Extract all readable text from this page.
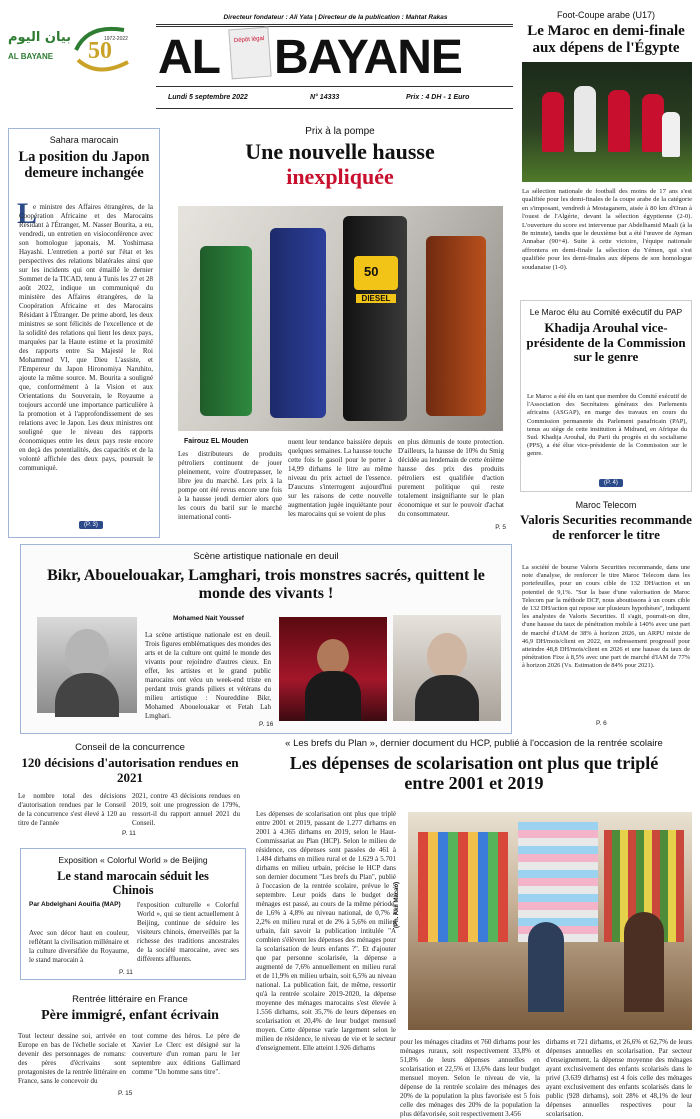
بيان اليوم
AL BAYANE 50
1972-2022
Directeur fondateur : Ali Yata | Directeur de la publication : Mahtat Rakas
AL BAYANE
Dépôt légal
Lundi 5 septembre 2022	N° 14333	Prix : 4 DH - 1 Euro
Foot-Coupe arabe (U17)
Le Maroc en demi-finale aux dépens de l'Égypte
La sélection nationale de football des moins de 17 ans s'est qualifiée pour les demi-finales de la coupe arabe de la catégorie en s'imposant, vendredi à Mostaganem, aisée à 80 km d'Oran à l'ouest de l'Algérie, devant la sélection égyptienne (2-0). L'ouverture du score est intervenue par Abdelhamid Maali (à la 8e minute), tandis que le deuxième but a été l'œuvre de Ayman Annabar (90+4). Suite à cette victoire, l'équipe nationale affrontera en demi-finale la sélection du Yémen, qui s'est qualifiée pour les demi-finales aux dépens de son homologue soudanaise (1-0).
Sahara marocain
La position du Japon demeure inchangée
L
e ministre des Affaires étrangères, de la Coopération Africaine et des Marocains Résidant à l'Étranger, M. Nasser Bourita, a eu, vendredi, un entretien en visioconférence avec son homologue japonais, M. Yoshimasa Hayashi. L'entretien a porté sur l'état et les perspectives des relations bilatérales ainsi que sur les incidents qui ont émaillé le dernier Sommet de la TICAD, tenu à Tunis les 27 et 28 août 2022, indique un communiqué du ministère des Affaires étrangères, de la Coopération Africaine et des Marocains Résidant à l'Étranger. De prime abord, les deux ministres se sont félicités de l'excellence et de la solidité des relations qui lient les deux pays, marquées par la Haute estime et la proximité des rapports entre Sa Majesté le Roi Mohammed VI, que Dieu L'assiste, et l'Empereur du Japon Hironomiya Naruhito, ajoute la même source. M. Bourita a souligné que, conformément à la Vision et aux Orientations du Souverain, le Royaume a toujours accordé une importance particulière à la promotion et à l'approfondissement de ses relations avec le Japon. Les deux ministres ont souligné que le niveau des rapports économiques entre les deux pays reste encore en deçà des potentialités, des capacités et de la volonté affichée des deux pays, poursuit le communiqué.
(P. 3)
Prix à la pompe
Une nouvelle hausse
inexpliquée
DIESEL
50
Fairouz EL Mouden
Les distributeurs de produits pétroliers continuent de jouer pleinement, voire d'outrepasser, le libre jeu du marché. Les prix à la pompe ont été revus encore une fois à la hausse jeudi dernier alors que les cours du baril sur le marché international conti-
nuent leur tendance baissière depuis quelques semaines. La hausse touche cette fois le gasoil pour le porter à 14,99 dirhams le litre au même niveau du prix actuel de l'essence. D'aucuns s'interrogent aujourd'hui sur les raisons de cette nouvelle augmentation jugée inquiétante pour les marocains qui se voient de plus
en plus démunis de toute protection. D'ailleurs, la hausse de 10% du Smig décidée au lendemain de cette énième hausse des prix des produits pétroliers est qualifiée d'action purement politique qui reste totalement insignifiante sur le plan économique et sur le pouvoir d'achat du consommateur.
P. 5
Le Maroc élu au Comité exécutif du PAP
Khadija Arouhal vice-présidente de la Commission sur le genre
Le Maroc a été élu en tant que membre du Comité exécutif de l'Association des Secrétaires généraux des Parlements africains (ASGAP), en marge des travaux en cours du Commission permanente du Parlement panafricain (PAP), tenus au siège de cette institution à Midrand, en Afrique du Sud. Khadija Arouhal, du Parti du progrès et du socialisme (PPS), a été élue vice-présidente de la Commission sur le genre.
(P. 4)
Maroc Telecom
Valoris Securities recommande de renforcer le titre
La société de bourse Valoris Securities recommande, dans une note d'analyse, de renforcer le titre Maroc Telecom dans les portefeuilles, pour un cours cible de 132 DH/action et un potentiel de 9,1%. "Sur la base d'une valorisation de Maroc Telecom par la méthode DCF, nous aboutissons à un cours cible de 132 DH/action qui repose sur plusieurs hypothèses", indiquent les analystes de Valoris Securities. Il s'agit, pourrait-on dire, d'une hausse du taux de pénétration mobile à 140% avec une part de marché d'IAM de 38% à horizon 2026, un ARPU mixte de 46,9 DH/mois/client en 2022, en redressement progressif pour atteindre 48,8 DH/mois/client en 2026 et une hausse du taux de pénétration Fixe à 8,5% avec une part de marché d'IAM de 77% à horizon 2026 (Vs. Estimation de 84% pour 2021).
P. 6
Scène artistique nationale en deuil
Bikr, Abouelouakar, Lamghari, trois monstres sacrés, quittent le monde des vivants !
Mohamed Nait Youssef
La scène artistique nationale est en deuil. Trois figures emblématiques des mondes des arts et de la culture ont quitté le monde des vivants pour rejoindre d'autres cieux. En effet, les artistes et le grand public marocains ont vécu un week-end triste en perdant trois grands piliers et vétérans du milieu artistique : Noureddine Bikr, Mohamed Abouelouakar et Fetah Lah Lmghari.
P. 16
Conseil de la concurrence
120 décisions d'autorisation rendues en 2021
Le nombre total des décisions d'autorisation rendues par le Conseil de la concurrence s'est élevé à 120 au titre de l'année
2021, contre 43 décisions rendues en 2019, soit une progression de 179%, ressort-il du rapport annuel 2021 du Conseil.
P. 11
Exposition « Colorful World » de Beijing
Le stand marocain séduit les Chinois
Par Abdelghani Aouifia (MAP)
Avec son décor haut en couleur, reflétant la civilisation millénaire et la culture diversifiée du Royaume, le stand marocain à
l'exposition culturelle « Colorful World », qui se tient actuellement à Beijing, continue de séduire les visiteurs chinois, émerveillés par la richesse des traditions ancestrales de la société marocaine, avec ses différents affluents.
P. 11
Rentrée littéraire en France
Père immigré, enfant écrivain
Tout lecteur dessine soi, arrivée en Europe en bas de l'échelle sociale et devenir des personnages de romans: des pères d'écrivains sont protagonistes de la rentrée littéraire en France, sans le concevoir du
tout comme des héros. Le père de Xavier Le Clerc est désigné sur la couverture d'un roman paru le 1er septembre aux éditions Gallimard comme "Un homme sans titre".
P. 15
« Les brefs du Plan », dernier document du HCP, publié à l'occasion de la rentrée scolaire
Les dépenses de scolarisation ont plus que triplé entre 2001 et 2019
Les dépenses de scolarisation ont plus que triplé entre 2001 et 2019, passant de 1.277 dirhams en 2001 à 4.365 dirhams en 2019, selon le Haut-Commissariat au Plan (HCP). Selon le milieu de résidence, ces dépenses sont passées de 461 à 1.484 dirhams en milieu rural et de 1.629 à 5.701 dirhams en milieu urbain, précise le HCP dans son dernier document "Les brefs du Plan", publié à l'occasion de la rentrée scolaire, prévue le 5 septembre. Leur poids dans le budget des ménages est passé, au cours de la même période, de 1,6% à 4,8% au niveau national, de 0,7% à 2,2% en milieu rural et de 2% à 5,6% en milieu urbain, fait savoir la publication intitulée "A combien s'élèvent les dépenses des ménages pour la scolarisation de leurs enfants ?". Et d'ajouter que par personne scolarisée, la dépense a augmenté de 7,6% annuellement en milieu rural et de 11,9% en milieu urbain, soit 6,5% au niveau national. La publication fait, de même, ressortir qu'à la rentrée scolaire 2019-2020, la dépense moyenne des ménages marocains s'est élevée à 1.556 dirhams, soit 35,7% de leurs dépenses en scolarisation et 20,4% de leur budget mensuel moyen. Cette dépense varie largement selon le milieu de résidence, le niveau de vie et le secteur d'enseignement. Elle atteint 1.926 dirhams
(Ph. Akil Macao)
pour les ménages citadins et 760 dirhams pour les ménages ruraux, soit respectivement 33,8% et 51,8% de leurs dépenses annuelles en scolarisation et 22,5% et 13,6% dans leur budget mensuel moyen. Selon le niveau de vie, la dépense de la rentrée scolaire des ménages des 20% de la population la plus favorisée est 5 fois celle des ménages des 20% de la population la plus défavorisée, soit respectivement 3.456
dirhams et 721 dirhams, et 26,6% et 62,7% de leurs dépenses annuelles en scolarisation. Par secteur d'enseignement, la dépense moyenne des ménages ayant exclusivement des enfants scolarisés dans le privé (3.639 dirhams) est 4 fois celle des ménages ayant exclusivement des enfants scolarisés dans le public (928 dirhams), soit 28% et 48,1% de leur dépenses annuelles respectives pour la scolarisation.
